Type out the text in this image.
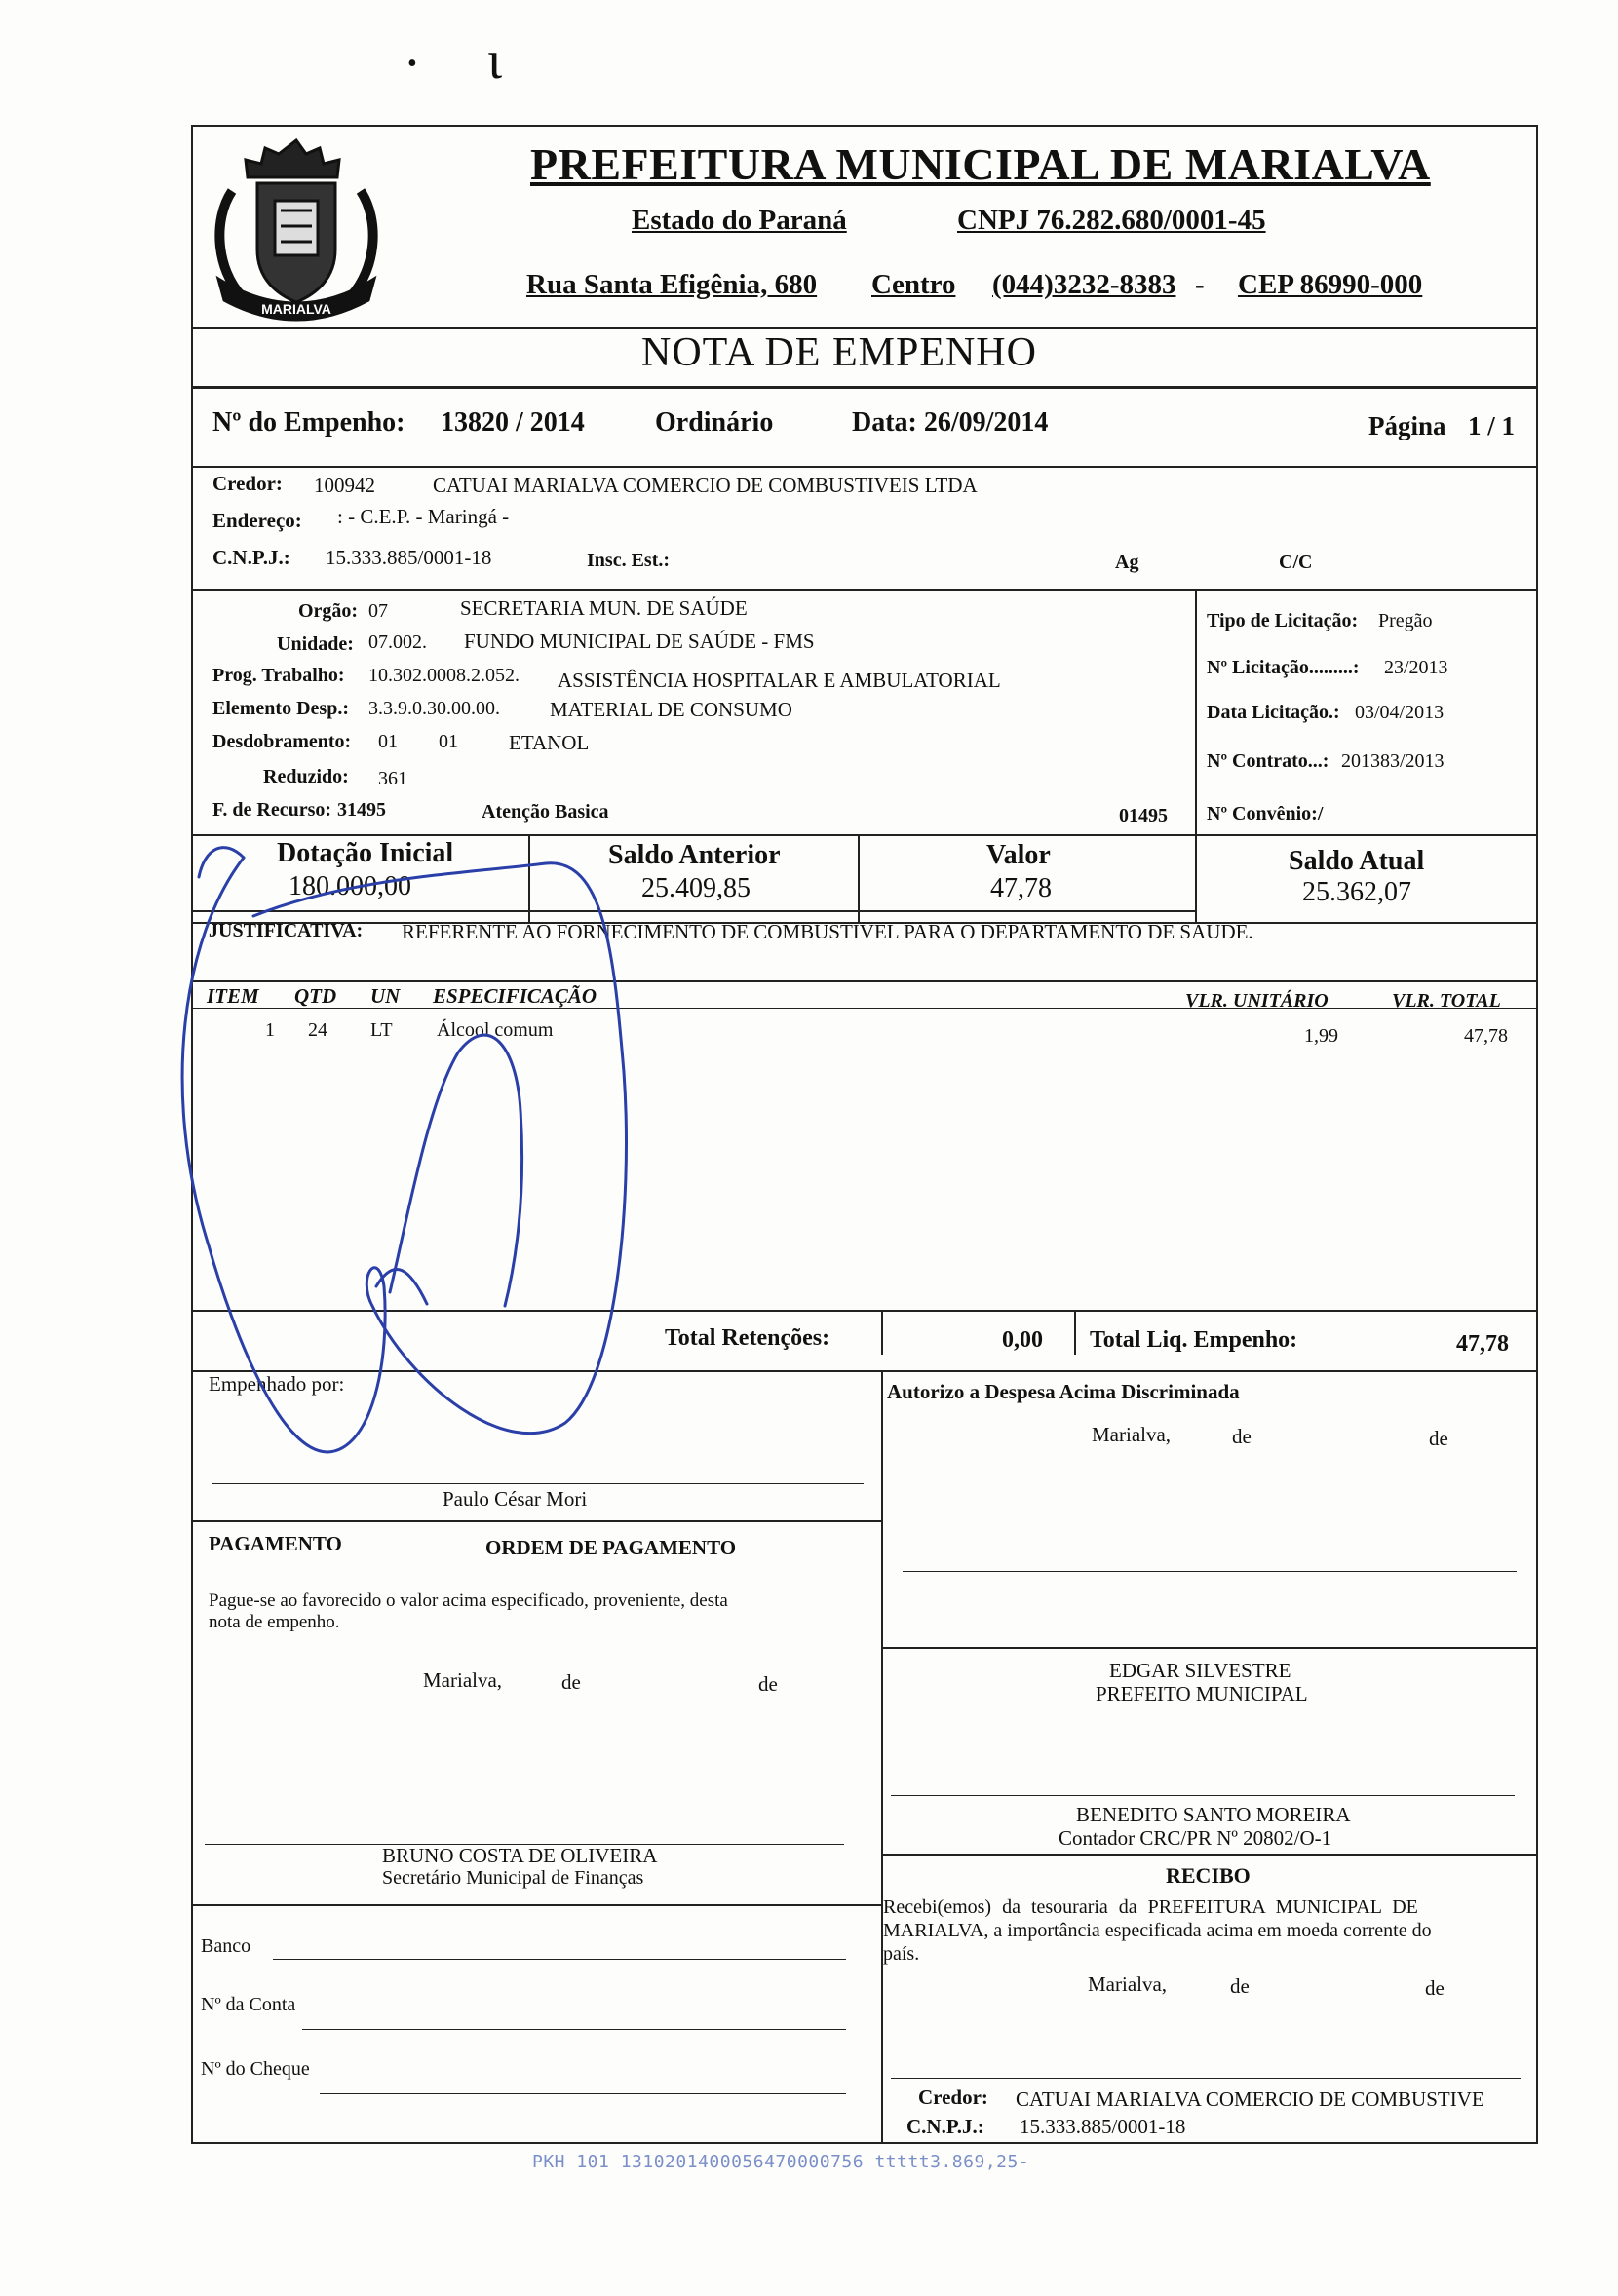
• ɩ
MARIALVA
PREFEITURA MUNICIPAL DE MARIALVA
Estado do Paraná	CNPJ 76.282.680/0001-45
Rua Santa Efigênia, 680 Centro (044)3232-8383 - CEP 86990-000
NOTA DE EMPENHO
Nº do Empenho: 13820 / 2014	Ordinário	Data: 26/09/2014	Página 1 / 1
Credor: 100942	CATUAI MARIALVA COMERCIO DE COMBUSTIVEIS LTDA
Endereço: : - C.E.P. - Maringá -
C.N.P.J.: 15.333.885/0001-18	Insc. Est.:	Ag	C/C
Orgão: 07	SECRETARIA MUN. DE SAÚDE
Unidade: 07.002. FUNDO MUNICIPAL DE SAÚDE - FMS
Prog. Trabalho: 10.302.0008.2.052. ASSISTÊNCIA HOSPITALAR E AMBULATORIAL
Elemento Desp.: 3.3.9.0.30.00.00. MATERIAL DE CONSUMO
Desdobramento: 01 01 ETANOL
Reduzido: 361
F. de Recurso: 31495	Atenção Basica	01495
Tipo de Licitação: Pregão
Nº Licitação.........: 23/2013
Data Licitação.: 03/04/2013
Nº Contrato...: 201383/2013
Nº Convênio:/
Dotação Inicial
180.000,00
Saldo Anterior
25.409,85
Valor
47,78
Saldo Atual
25.362,07
JUSTIFICATIVA: REFERENTE AO FORNECIMENTO DE COMBUSTIVEL PARA O DEPARTAMENTO DE SAUDE.
ITEM QTD UN ESPECIFICAÇÃO	VLR. UNITÁRIO	VLR. TOTAL
1 24 LT Álcool comum	1,99	47,78
Total Retenções:	0,00 Total Liq. Empenho:	47,78
Empenhado por:
Paulo César Mori
Autorizo a Despesa Acima Discriminada
Marialva,	de	de
PAGAMENTO	ORDEM DE PAGAMENTO
Pague-se ao favorecido o valor acima especificado, proveniente, desta
nota de empenho.
Marialva,	de	de
BRUNO COSTA DE OLIVEIRA
Secretário Municipal de Finanças
Banco
Nº da Conta
Nº do Cheque
EDGAR SILVESTRE
PREFEITO MUNICIPAL
BENEDITO SANTO MOREIRA
Contador CRC/PR Nº 20802/O-1
RECIBO
Recebi(emos) da tesouraria da PREFEITURA MUNICIPAL DE
MARIALVA, a importância especificada acima em moeda corrente do
país.
Marialva,	de	de
Credor: CATUAI MARIALVA COMERCIO DE COMBUSTIVE
C.N.P.J.: 15.333.885/0001-18
PKH 101 1310201400056470000756 ttttt3.869,25-
